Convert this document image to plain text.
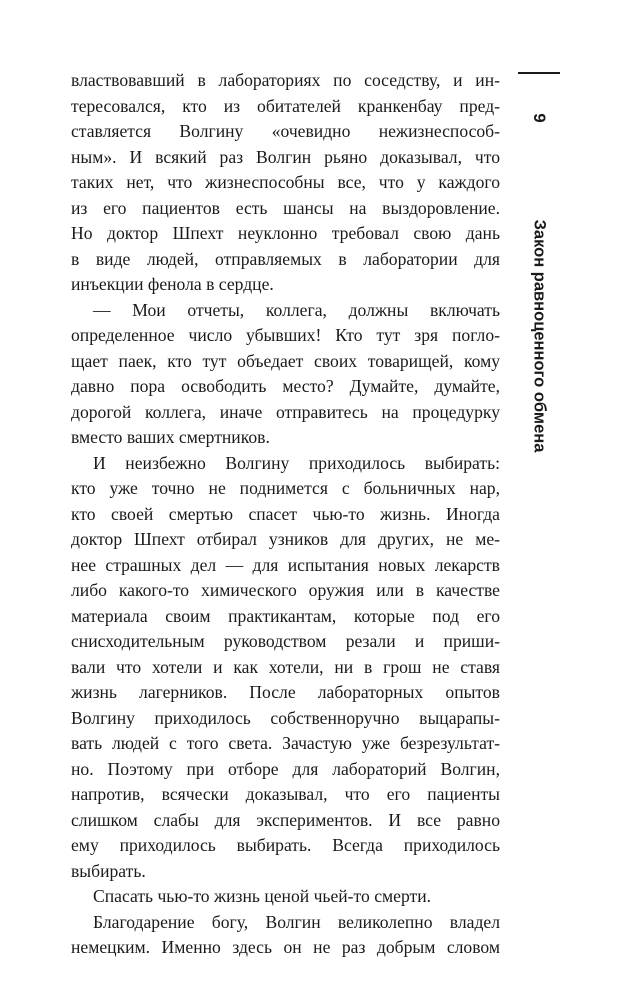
9
Закон равноценного обмена
властвовавший в лабораториях по соседству, и ин-
тересовался, кто из обитателей кранкенбау пред-
ставляется Волгину «очевидно нежизнеспособ-
ным». И всякий раз Волгин рьяно доказывал, что
таких нет, что жизнеспособны все, что у каждого
из его пациентов есть шансы на выздоровление.
Но доктор Шпехт неуклонно требовал свою дань
в виде людей, отправляемых в лаборатории для
инъекции фенола в сердце.
— Мои отчеты, коллега, должны включать
определенное число убывших! Кто тут зря погло-
щает паек, кто тут объедает своих товарищей, кому
давно пора освободить место? Думайте, думайте,
дорогой коллега, иначе отправитесь на процедурку
вместо ваших смертников.
И неизбежно Волгину приходилось выбирать:
кто уже точно не поднимется с больничных нар,
кто своей смертью спасет чью-то жизнь. Иногда
доктор Шпехт отбирал узников для других, не ме-
нее страшных дел — для испытания новых лекарств
либо какого-то химического оружия или в качестве
материала своим практикантам, которые под его
снисходительным руководством резали и приши-
вали что хотели и как хотели, ни в грош не ставя
жизнь лагерников. После лабораторных опытов
Волгину приходилось собственноручно выцарапы-
вать людей с того света. Зачастую уже безрезультат-
но. Поэтому при отборе для лабораторий Волгин,
напротив, всячески доказывал, что его пациенты
слишком слабы для экспериментов. И все равно
ему приходилось выбирать. Всегда приходилось
выбирать.
Спасать чью-то жизнь ценой чьей-то смерти.
Благодарение богу, Волгин великолепно владел
немецким. Именно здесь он не раз добрым словом
